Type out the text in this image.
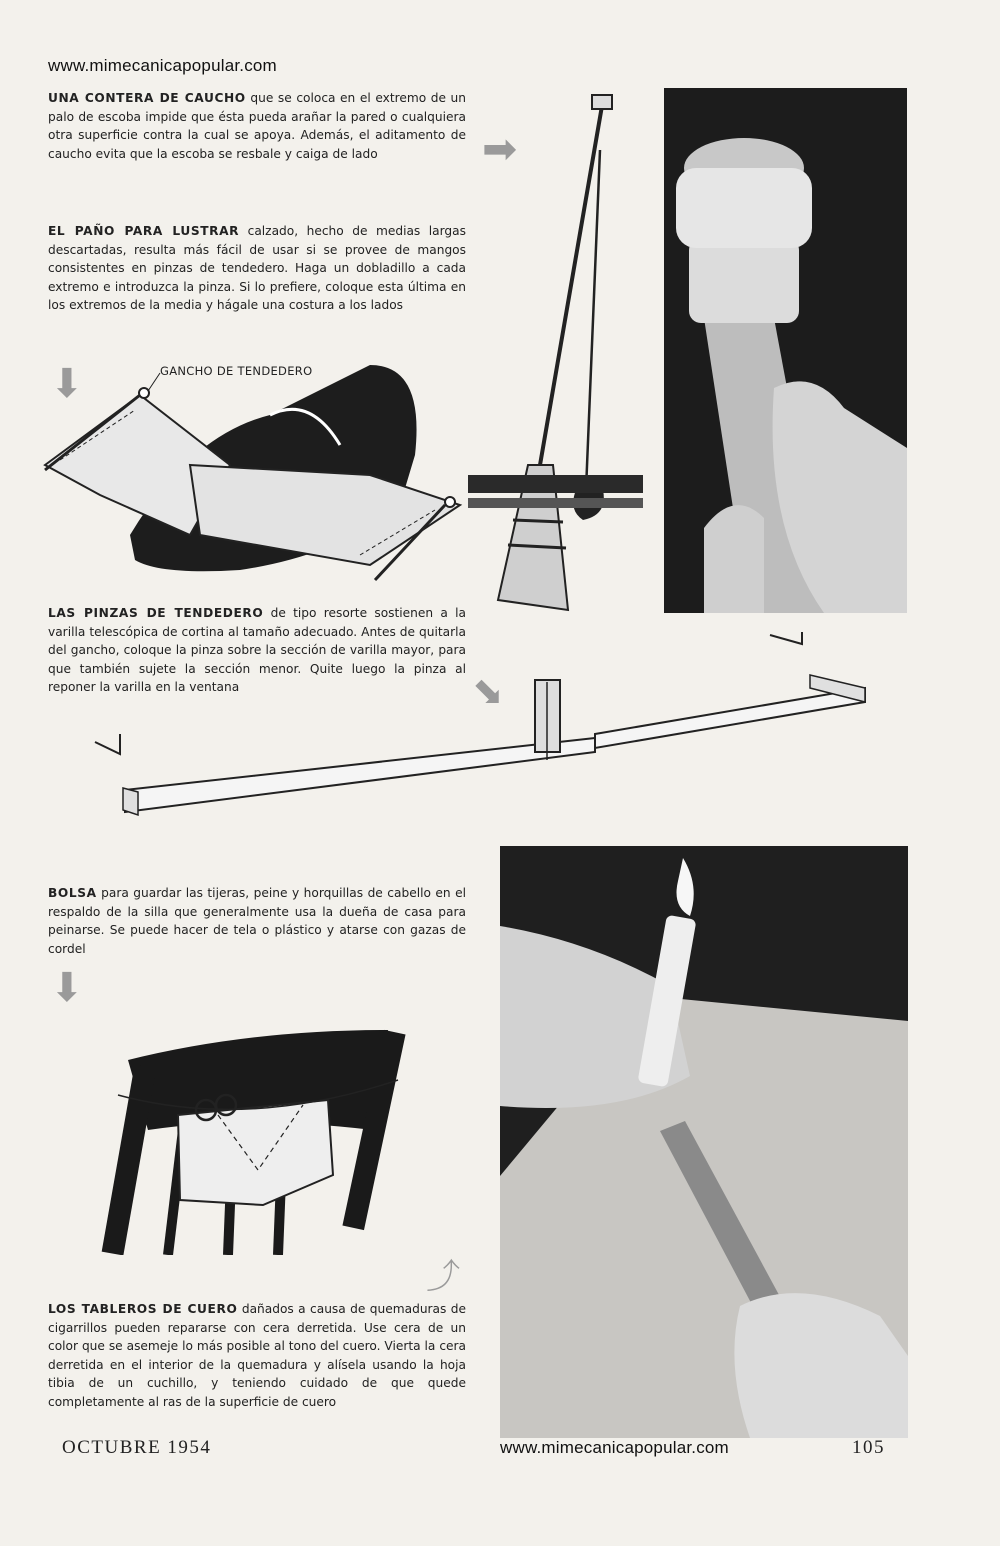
www.mimecanicapopular.com
UNA CONTERA DE CAUCHO que se coloca en el extremo de un palo de escoba impide que ésta pueda arañar la pared o cualquiera otra superficie contra la cual se apoya. Además, el aditamento de caucho evita que la escoba se resbale y caiga de lado
EL PAÑO PARA LUSTRAR calzado, hecho de medias largas descartadas, resulta más fácil de usar si se provee de mangos consistentes en pinzas de tendedero. Haga un dobladillo a cada extremo e introduzca la pinza. Si lo prefiere, coloque esta última en los extremos de la media y hágale una costura a los lados
LAS PINZAS DE TENDEDERO de tipo resorte sostienen a la varilla telescópica de cortina al tamaño adecuado. Antes de quitarla del gancho, coloque la pinza sobre la sección de varilla mayor, para que también sujete la sección menor. Quite luego la pinza al reponer la varilla en la ventana
BOLSA para guardar las tijeras, peine y horquillas de cabello en el respaldo de la silla que generalmente usa la dueña de casa para peinarse. Se puede hacer de tela o plástico y atarse con gazas de cordel
LOS TABLEROS DE CUERO dañados a causa de quemaduras de cigarrillos pueden repararse con cera derretida. Use cera de un color que se asemeje lo más posible al tono del cuero. Vierta la cera derretida en el interior de la quemadura y alísela usando la hoja tibia de un cuchillo, y teniendo cuidado de que quede completamente al ras de la superficie de cuero
➡
⬇
⬊
⬇
⤴
GANCHO DE TENDEDERO
OCTUBRE 1954	www.mimecanicapopular.com	105
